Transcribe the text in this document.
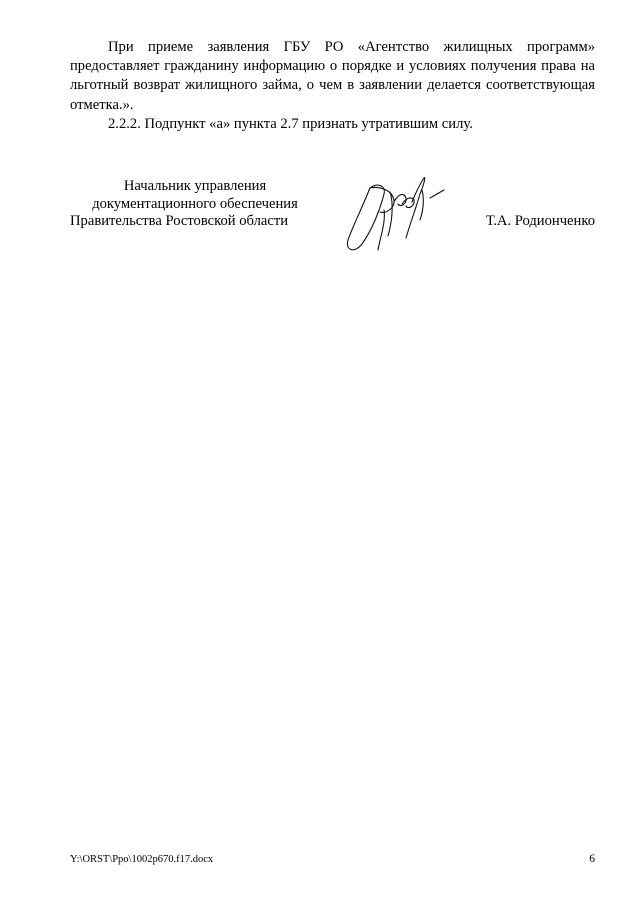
При приеме заявления ГБУ РО «Агентство жилищных программ» предоставляет гражданину информацию о порядке и условиях получения права на льготный возврат жилищного займа, о чем в заявлении делается соответствующая отметка.».

2.2.2. Подпункт «а» пункта 2.7 признать утратившим силу.

Начальник управления
документационного обеспечения
Правительства Ростовской области	Т.А. Родионченко
Y:\ORST\Ppo\1002p670.f17.docx	6
